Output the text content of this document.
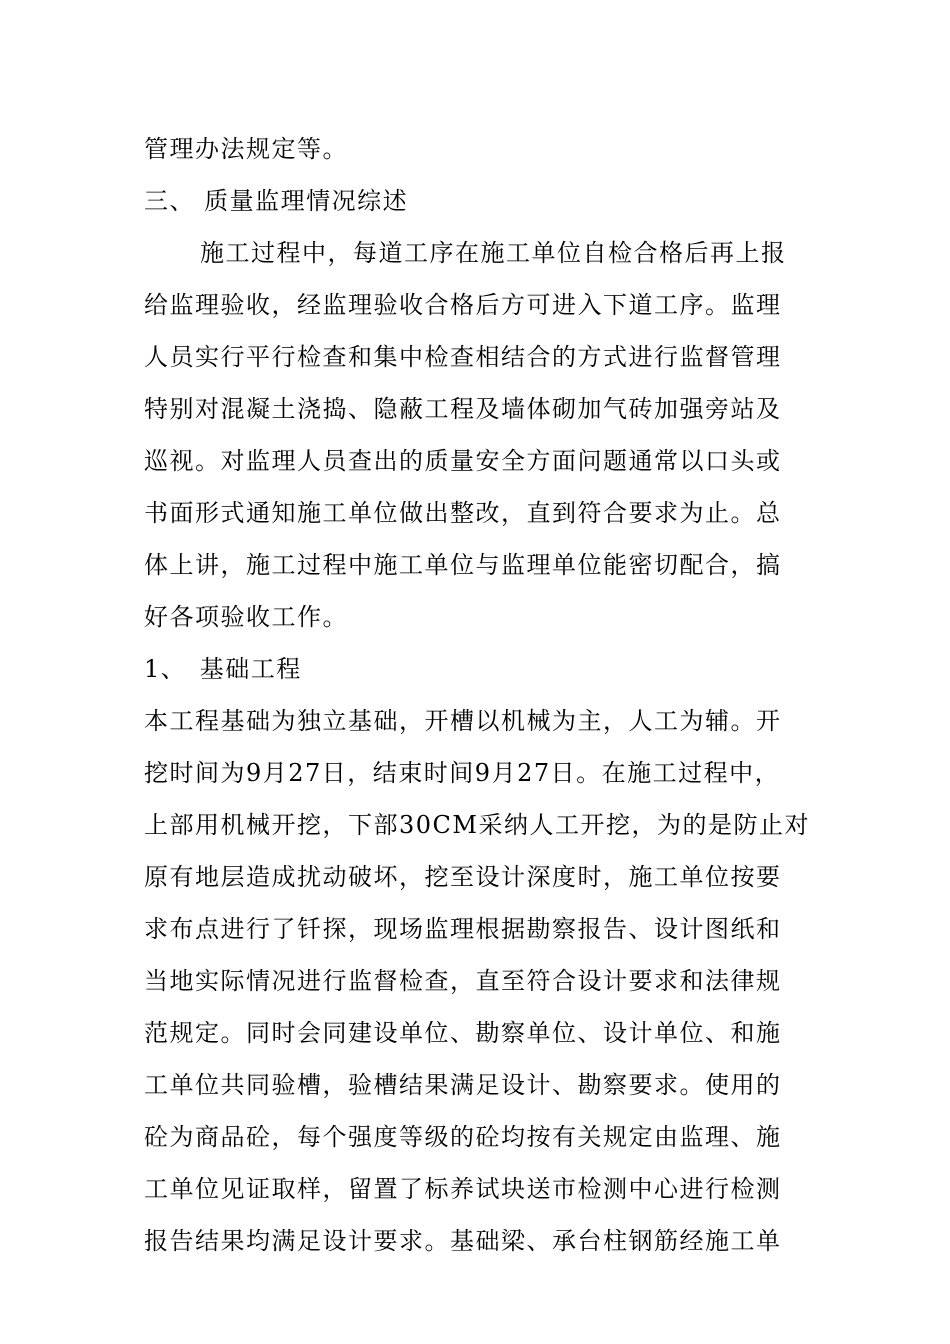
管理办法规定等。
三、 质量监理情况综述
施工过程中，每道工序在施工单位自检合格后再上报
给监理验收，经监理验收合格后方可进入下道工序。监理
人员实行平行检查和集中检查相结合的方式进行监督管理
特别对混凝土浇捣、隐蔽工程及墙体砌加气砖加强旁站及
巡视。对监理人员查出的质量安全方面问题通常以口头或
书面形式通知施工单位做出整改，直到符合要求为止。总
体上讲，施工过程中施工单位与监理单位能密切配合，搞
好各项验收工作。
1、　基础工程
本工程基础为独立基础，开槽以机械为主，人工为辅。开
挖时间为9月27日，结束时间9月27日。在施工过程中，
上部用机械开挖，下部30CM采纳人工开挖，为的是防止对
原有地层造成扰动破坏，挖至设计深度时，施工单位按要
求布点进行了钎探，现场监理根据勘察报告、设计图纸和
当地实际情况进行监督检查，直至符合设计要求和法律规
范规定。同时会同建设单位、勘察单位、设计单位、和施
工单位共同验槽，验槽结果满足设计、勘察要求。使用的
砼为商品砼，每个强度等级的砼均按有关规定由监理、施
工单位见证取样，留置了标养试块送市检测中心进行检测
报告结果均满足设计要求。基础梁、承台柱钢筋经施工单
